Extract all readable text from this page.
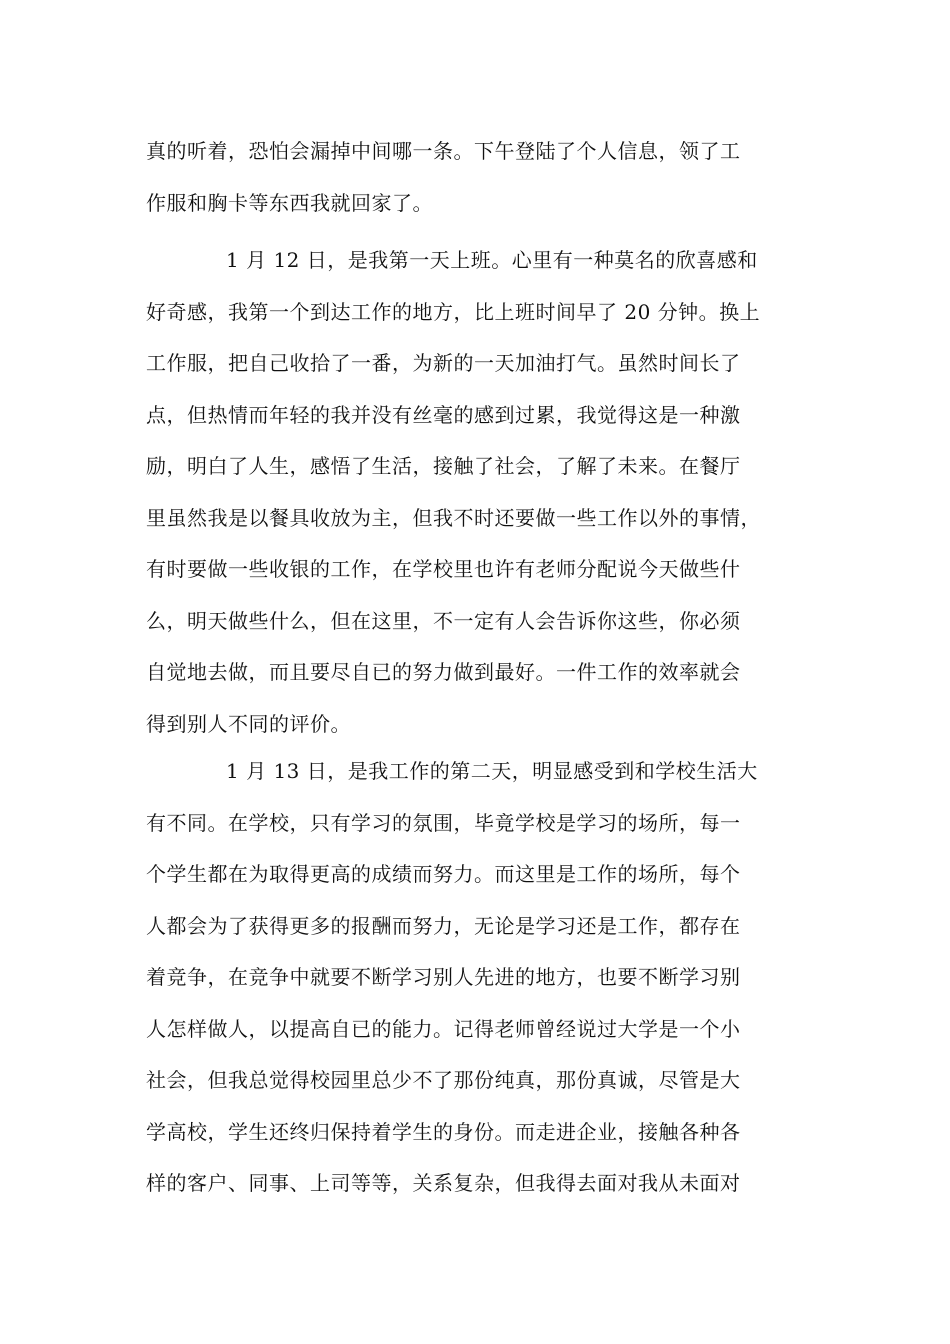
真的听着，恐怕会漏掉中间哪一条。下午登陆了个人信息，领了工
作服和胸卡等东西我就回家了。
1 月 12 日，是我第一天上班。心里有一种莫名的欣喜感和
好奇感，我第一个到达工作的地方，比上班时间早了 20 分钟。换上
工作服，把自己收拾了一番，为新的一天加油打气。虽然时间长了
点，但热情而年轻的我并没有丝毫的感到过累，我觉得这是一种激
励，明白了人生，感悟了生活，接触了社会，了解了未来。在餐厅
里虽然我是以餐具收放为主，但我不时还要做一些工作以外的事情，
有时要做一些收银的工作，在学校里也许有老师分配说今天做些什
么，明天做些什么，但在这里，不一定有人会告诉你这些，你必须
自觉地去做，而且要尽自已的努力做到最好。一件工作的效率就会
得到别人不同的评价。
1 月 13 日，是我工作的第二天，明显感受到和学校生活大
有不同。在学校，只有学习的氛围，毕竟学校是学习的场所，每一
个学生都在为取得更高的成绩而努力。而这里是工作的场所，每个
人都会为了获得更多的报酬而努力，无论是学习还是工作，都存在
着竞争，在竞争中就要不断学习别人先进的地方，也要不断学习别
人怎样做人，以提高自已的能力。记得老师曾经说过大学是一个小
社会，但我总觉得校园里总少不了那份纯真，那份真诚，尽管是大
学高校，学生还终归保持着学生的身份。而走进企业，接触各种各
样的客户、同事、上司等等，关系复杂，但我得去面对我从未面对
